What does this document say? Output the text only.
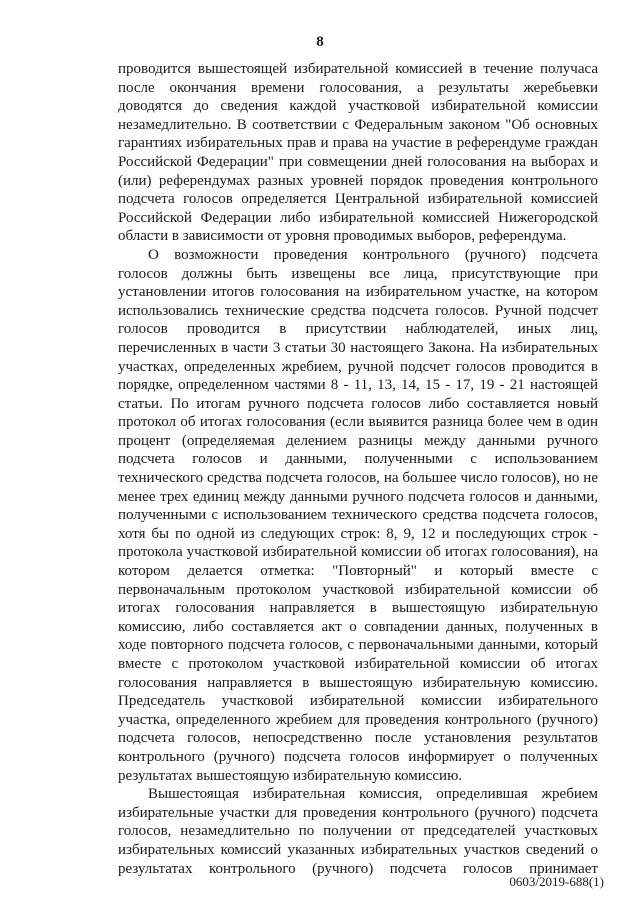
8
проводится вышестоящей избирательной комиссией в течение получаса
после окончания времени голосования, а результаты жеребьевки
доводятся до сведения каждой участковой избирательной комиссии
незамедлительно. В соответствии с Федеральным законом "Об основных
гарантиях избирательных прав и права на участие в референдуме граждан
Российской Федерации" при совмещении дней голосования на выборах и
(или) референдумах разных уровней порядок проведения контрольного
подсчета голосов определяется Центральной избирательной комиссией
Российской Федерации либо избирательной комиссией Нижегородской
области в зависимости от уровня проводимых выборов, референдума.
О возможности проведения контрольного (ручного) подсчета
голосов должны быть извещены все лица, присутствующие при
установлении итогов голосования на избирательном участке, на котором
использовались технические средства подсчета голосов. Ручной подсчет
голосов проводится в присутствии наблюдателей, иных лиц,
перечисленных в части 3 статьи 30 настоящего Закона. На избирательных
участках, определенных жребием, ручной подсчет голосов проводится в
порядке, определенном частями 8 - 11, 13, 14, 15 - 17, 19 - 21 настоящей
статьи. По итогам ручного подсчета голосов либо составляется новый
протокол об итогах голосования (если выявится разница более чем в один
процент (определяемая делением разницы между данными ручного
подсчета голосов и данными, полученными с использованием
технического средства подсчета голосов, на большее число голосов), но не
менее трех единиц между данными ручного подсчета голосов и данными,
полученными с использованием технического средства подсчета голосов,
хотя бы по одной из следующих строк: 8, 9, 12 и последующих строк -
протокола участковой избирательной комиссии об итогах голосования), на
котором делается отметка: "Повторный" и который вместе с
первоначальным протоколом участковой избирательной комиссии об
итогах голосования направляется в вышестоящую избирательную
комиссию, либо составляется акт о совпадении данных, полученных в
ходе повторного подсчета голосов, с первоначальными данными, который
вместе с протоколом участковой избирательной комиссии об итогах
голосования направляется в вышестоящую избирательную комиссию.
Председатель участковой избирательной комиссии избирательного
участка, определенного жребием для проведения контрольного (ручного)
подсчета голосов, непосредственно после установления результатов
контрольного (ручного) подсчета голосов информирует о полученных
результатах вышестоящую избирательную комиссию.
Вышестоящая избирательная комиссия, определившая жребием
избирательные участки для проведения контрольного (ручного) подсчета
голосов, незамедлительно по получении от председателей участковых
избирательных комиссий указанных избирательных участков сведений о
результатах контрольного (ручного) подсчета голосов принимает
0603/2019-688(1)
